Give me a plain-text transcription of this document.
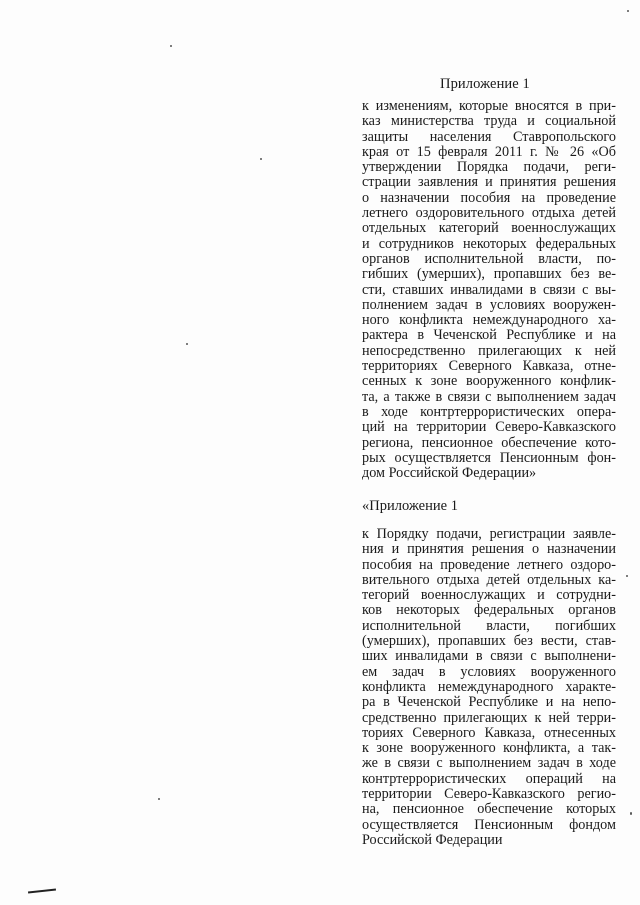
Приложение 1
к изменениям, которые вносятся в при-
каз министерства труда и социальной
защиты населения Ставропольского
края от 15 февраля 2011 г. № 26 «Об
утверждении Порядка подачи, реги-
страции заявления и принятия решения
о назначении пособия на проведение
летнего оздоровительного отдыха детей
отдельных категорий военнослужащих
и сотрудников некоторых федеральных
органов исполнительной власти, по-
гибших (умерших), пропавших без ве-
сти, ставших инвалидами в связи с вы-
полнением задач в условиях вооружен-
ного конфликта немеждународного ха-
рактера в Чеченской Республике и на
непосредственно прилегающих к ней
территориях Северного Кавказа, отне-
сенных к зоне вооруженного конфлик-
та, а также в связи с выполнением задач
в ходе контртеррористических опера-
ций на территории Северо-Кавказского
региона, пенсионное обеспечение кото-
рых осуществляется Пенсионным фон-
дом Российской Федерации»
«Приложение 1
к Порядку подачи, регистрации заявле-
ния и принятия решения о назначении
пособия на проведение летнего оздоро-
вительного отдыха детей отдельных ка-
тегорий военнослужащих и сотрудни-
ков некоторых федеральных органов
исполнительной власти, погибших
(умерших), пропавших без вести, став-
ших инвалидами в связи с выполнени-
ем задач в условиях вооруженного
конфликта немеждународного характе-
ра в Чеченской Республике и на непо-
средственно прилегающих к ней терри-
ториях Северного Кавказа, отнесенных
к зоне вооруженного конфликта, а так-
же в связи с выполнением задач в ходе
контртеррористических операций на
территории Северо-Кавказского регио-
на, пенсионное обеспечение которых
осуществляется Пенсионным фондом
Российской Федерации
